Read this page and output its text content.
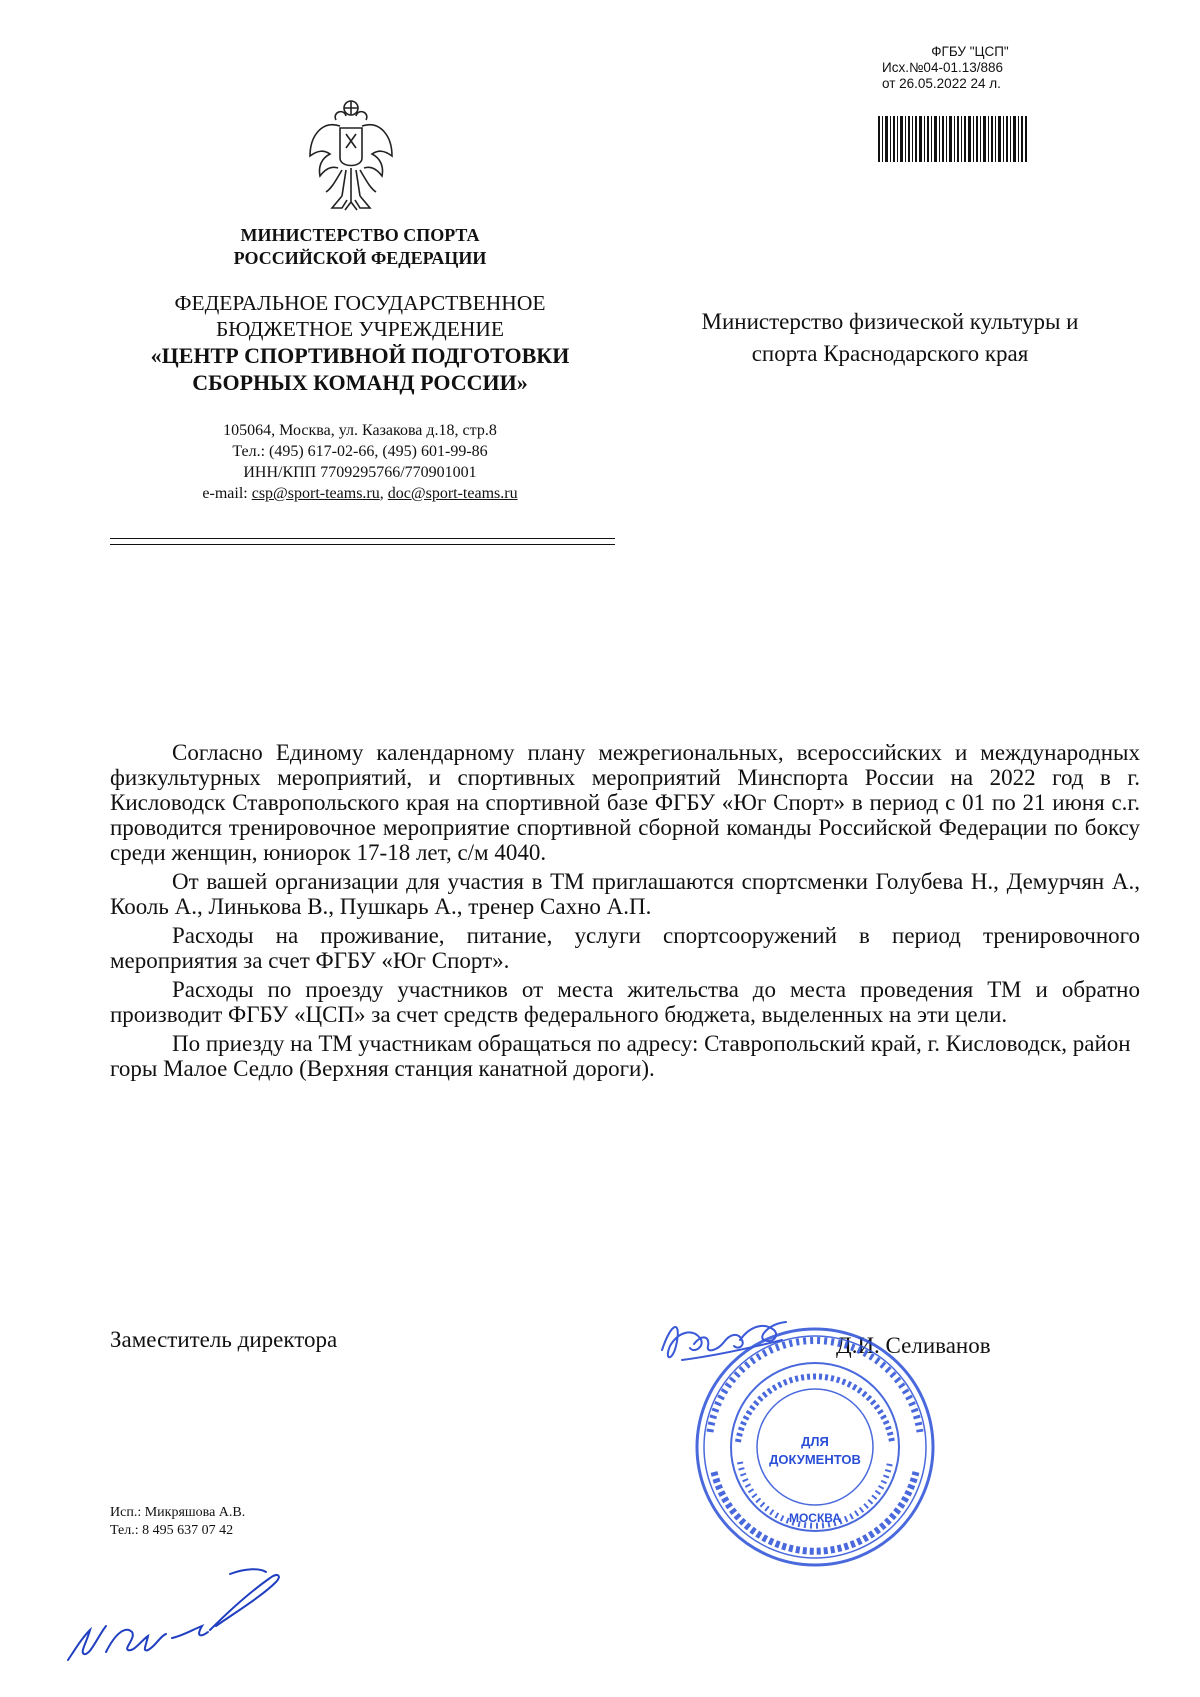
ФГБУ "ЦСП"
Исх.№04-01.13/886
от 26.05.2022 24 л.
МИНИСТЕРСТВО СПОРТА
РОССИЙСКОЙ ФЕДЕРАЦИИ
ФЕДЕРАЛЬНОЕ ГОСУДАРСТВЕННОЕ
БЮДЖЕТНОЕ УЧРЕЖДЕНИЕ
«ЦЕНТР СПОРТИВНОЙ ПОДГОТОВКИ
СБОРНЫХ КОМАНД РОССИИ»
105064, Москва, ул. Казакова д.18, стр.8
Тел.: (495) 617-02-66, (495) 601-99-86
ИНН/КПП 7709295766/770901001
e-mail: csp@sport-teams.ru, doc@sport-teams.ru
Министерство физической культуры и
спорта Краснодарского края

Согласно Единому календарному плану межрегиональных, всероссийских и международных физкультурных мероприятий, и спортивных мероприятий Минспорта России на 2022 год в г. Кисловодск Ставропольского края на спортивной базе ФГБУ «Юг Спорт» в период с 01 по 21 июня с.г. проводится тренировочное мероприятие спортивной сборной команды Российской Федерации по боксу среди женщин, юниорок 17-18 лет, с/м 4040.

От вашей организации для участия в ТМ приглашаются спортсменки Голубева Н., Демурчян А., Кооль А., Линькова В., Пушкарь А., тренер Сахно А.П.

Расходы на проживание, питание, услуги спортсооружений в период тренировочного мероприятия за счет ФГБУ «Юг Спорт».

Расходы по проезду участников от места жительства до места проведения ТМ и обратно производит ФГБУ «ЦСП» за счет средств федерального бюджета, выделенных на эти цели.

По приезду на ТМ участникам обращаться по адресу: Ставропольский край, г. Кисловодск, район горы Малое Седло (Верхняя станция канатной дороги).

Заместитель директора	Д.И. Селиванов
ДЛЯ
ДОКУМЕНТОВ
МОСКВА
Исп.: Микряшова А.В.
Тел.: 8 495 637 07 42
